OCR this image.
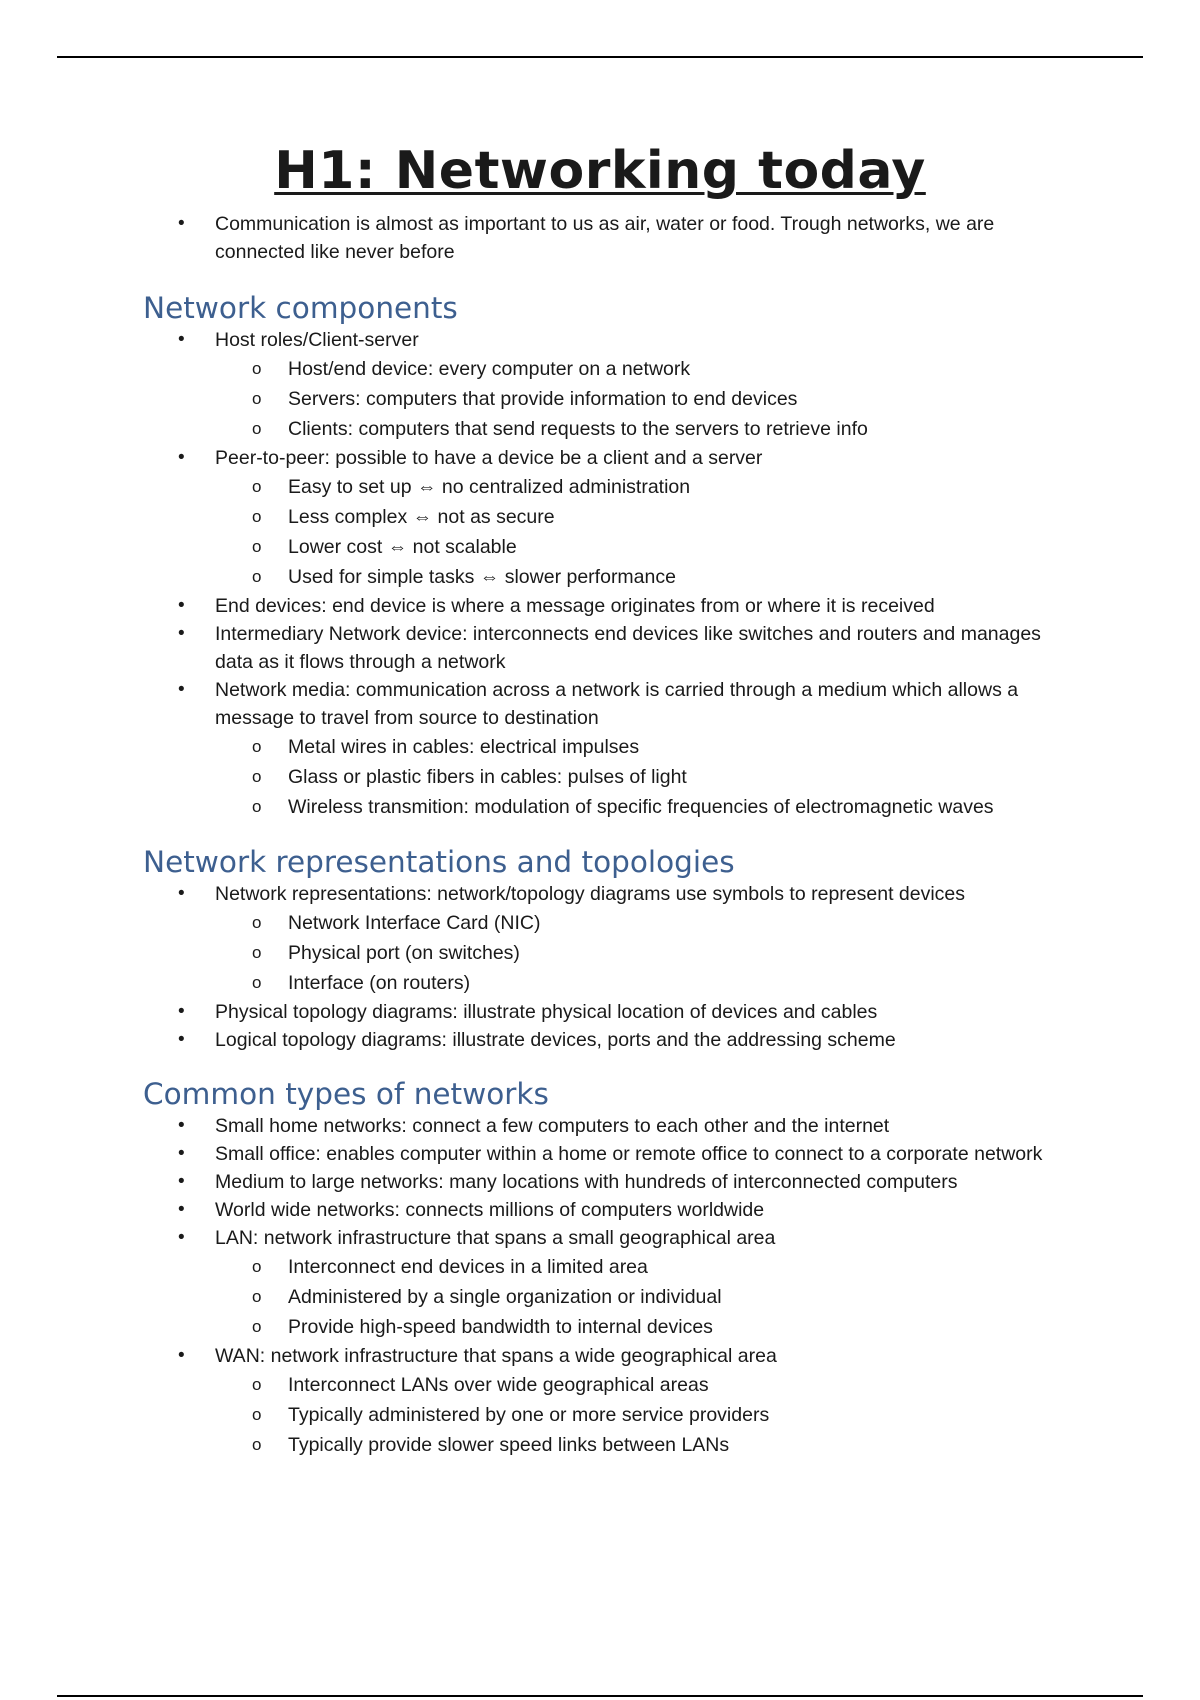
H1: Networking today
• Communication is almost as important to us as air, water or food. Trough networks, we are connected like never before
Network components
• Host roles/Client-server
o Host/end device: every computer on a network
o Servers: computers that provide information to end devices
o Clients: computers that send requests to the servers to retrieve info
• Peer-to-peer: possible to have a device be a client and a server
o Easy to set up ⇔ no centralized administration
o Less complex ⇔ not as secure
o Lower cost ⇔ not scalable
o Used for simple tasks ⇔ slower performance
• End devices: end device is where a message originates from or where it is received
• Intermediary Network device: interconnects end devices like switches and routers and manages data as it flows through a network
• Network media: communication across a network is carried through a medium which allows a message to travel from source to destination
o Metal wires in cables: electrical impulses
o Glass or plastic fibers in cables: pulses of light
o Wireless transmition: modulation of specific frequencies of electromagnetic waves
Network representations and topologies
• Network representations: network/topology diagrams use symbols to represent devices
o Network Interface Card (NIC)
o Physical port (on switches)
o Interface (on routers)
• Physical topology diagrams: illustrate physical location of devices and cables
• Logical topology diagrams: illustrate devices, ports and the addressing scheme
Common types of networks
• Small home networks: connect a few computers to each other and the internet
• Small office: enables computer within a home or remote office to connect to a corporate network
• Medium to large networks: many locations with hundreds of interconnected computers
• World wide networks: connects millions of computers worldwide
• LAN: network infrastructure that spans a small geographical area
o Interconnect end devices in a limited area
o Administered by a single organization or individual
o Provide high-speed bandwidth to internal devices
• WAN: network infrastructure that spans a wide geographical area
o Interconnect LANs over wide geographical areas
o Typically administered by one or more service providers
o Typically provide slower speed links between LANs
